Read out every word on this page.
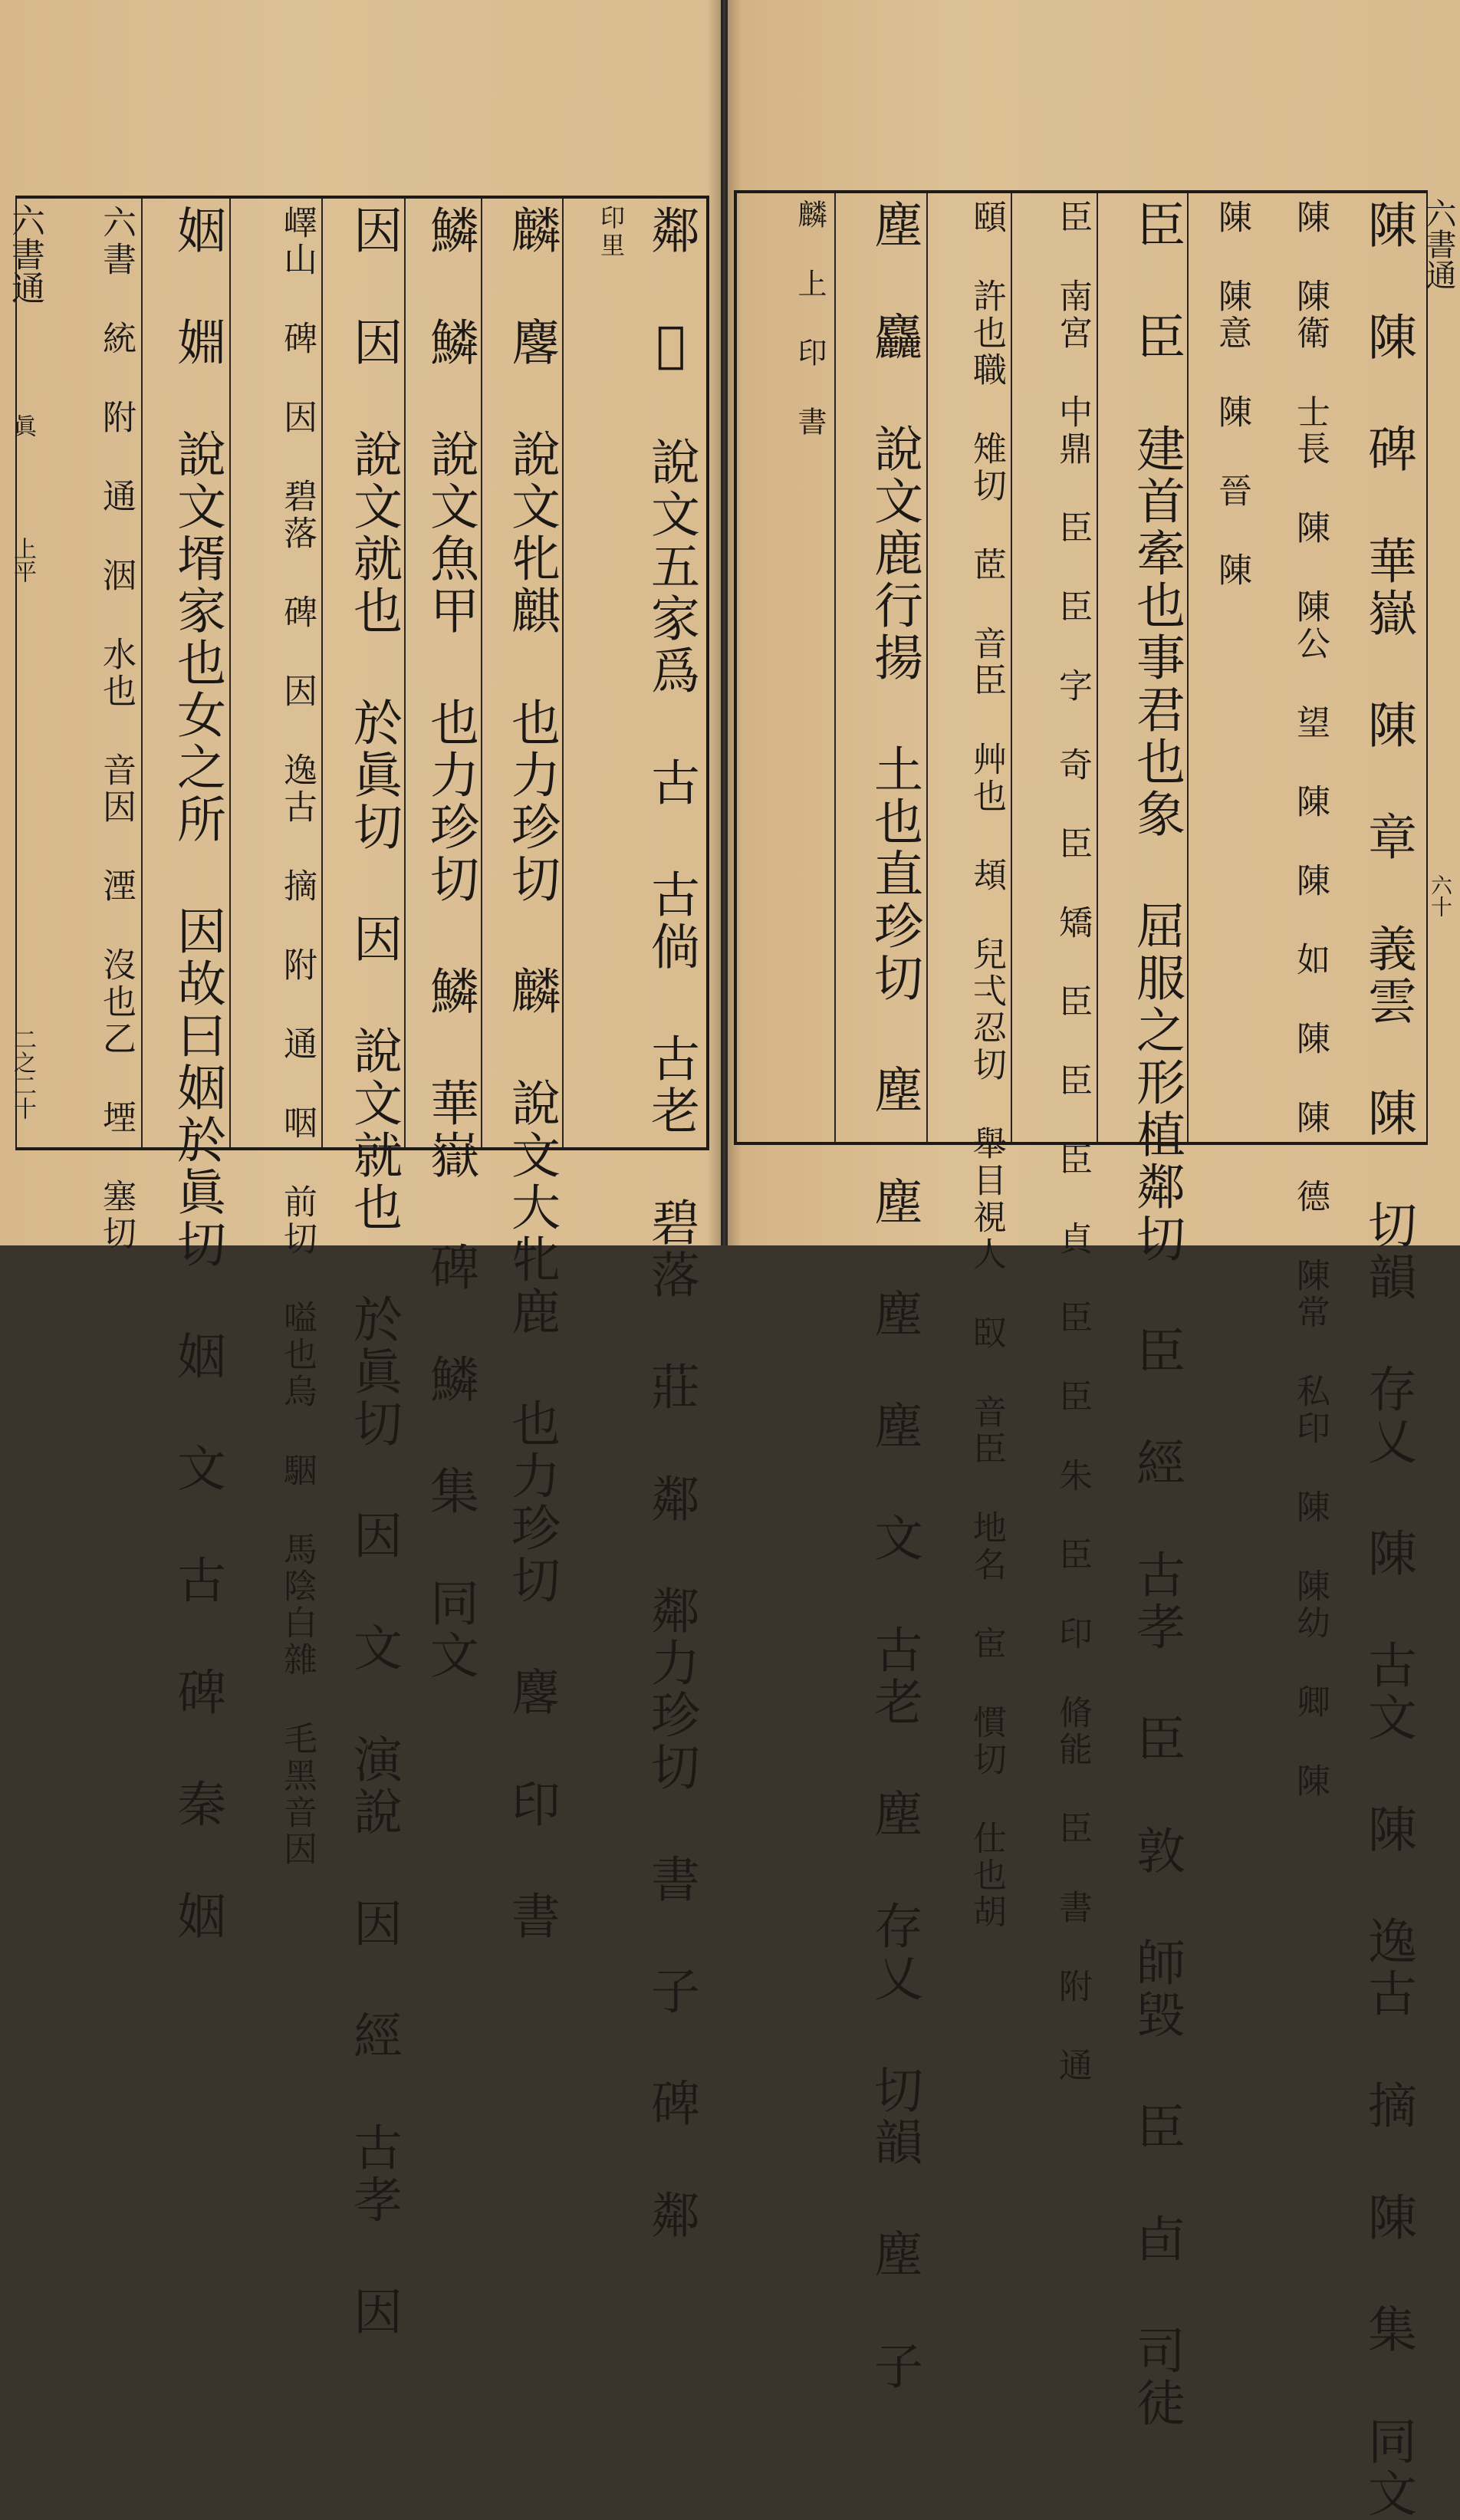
鄰 𨞵 說文五家爲 古 古倘 古老 碧落 莊 鄰 鄰力珍切 書 子 碑 鄰
印里
麟 麐 說文牝麒 也力珍切 麟 說文大牝鹿 也力珍切 麐 印 書
鱗 鱗 說文魚甲 也力珍切 鱗 華嶽 碑 鱗 集 同文
因 因 說文就也 於眞切 因 說文就也 於眞切 因 文 演說 因 經 古孝 因
嶧山 碑 因 碧落 碑 因 逸古 摘 附 通 咽 前切 嗌也烏 駰 馬陰白雜 毛黑音因
姻 婣 說文壻家也女之所 因故曰姻於眞切 姻 文 古 碑 秦 姻
六書 統 附 通 洇 水也 音因 湮 沒也乙 堙 塞切
六書通
眞
上平
二之二十	陳 陳 碑 華嶽 陳 章 義雲 陳 切韻 存乂 陳 古文 陳 逸古 摘 陳 集 同文
陳 陳衛 士長 陳 陳公 望 陳 陳 如 陳 陳 德 陳常 私印 陳 陳幼 卿 陳
陳 陳意 陳 晉 陳
臣 臣 建首牽也事君也象 屈服之形植鄰切 臣 經 古孝 臣 敦 師毀 臣 卣 司徒
臣 南宮 中鼎 臣 臣 字 奇 臣 矯 臣 臣 臣 貞 臣 臣 朱 臣 印 脩能 臣 書 附 通
頤 許也職 雉切 茝 音臣 艸也 䪺 兒弌忍切 舉目視人 臤 音臣 地名 宦 慣切 仕也胡
塵 麤 說文鹿行揚 土也直珍切 塵 塵 塵 塵 文 古老 塵 存乂 切韻 塵 子
麟 上 印 書	六書通
六十
